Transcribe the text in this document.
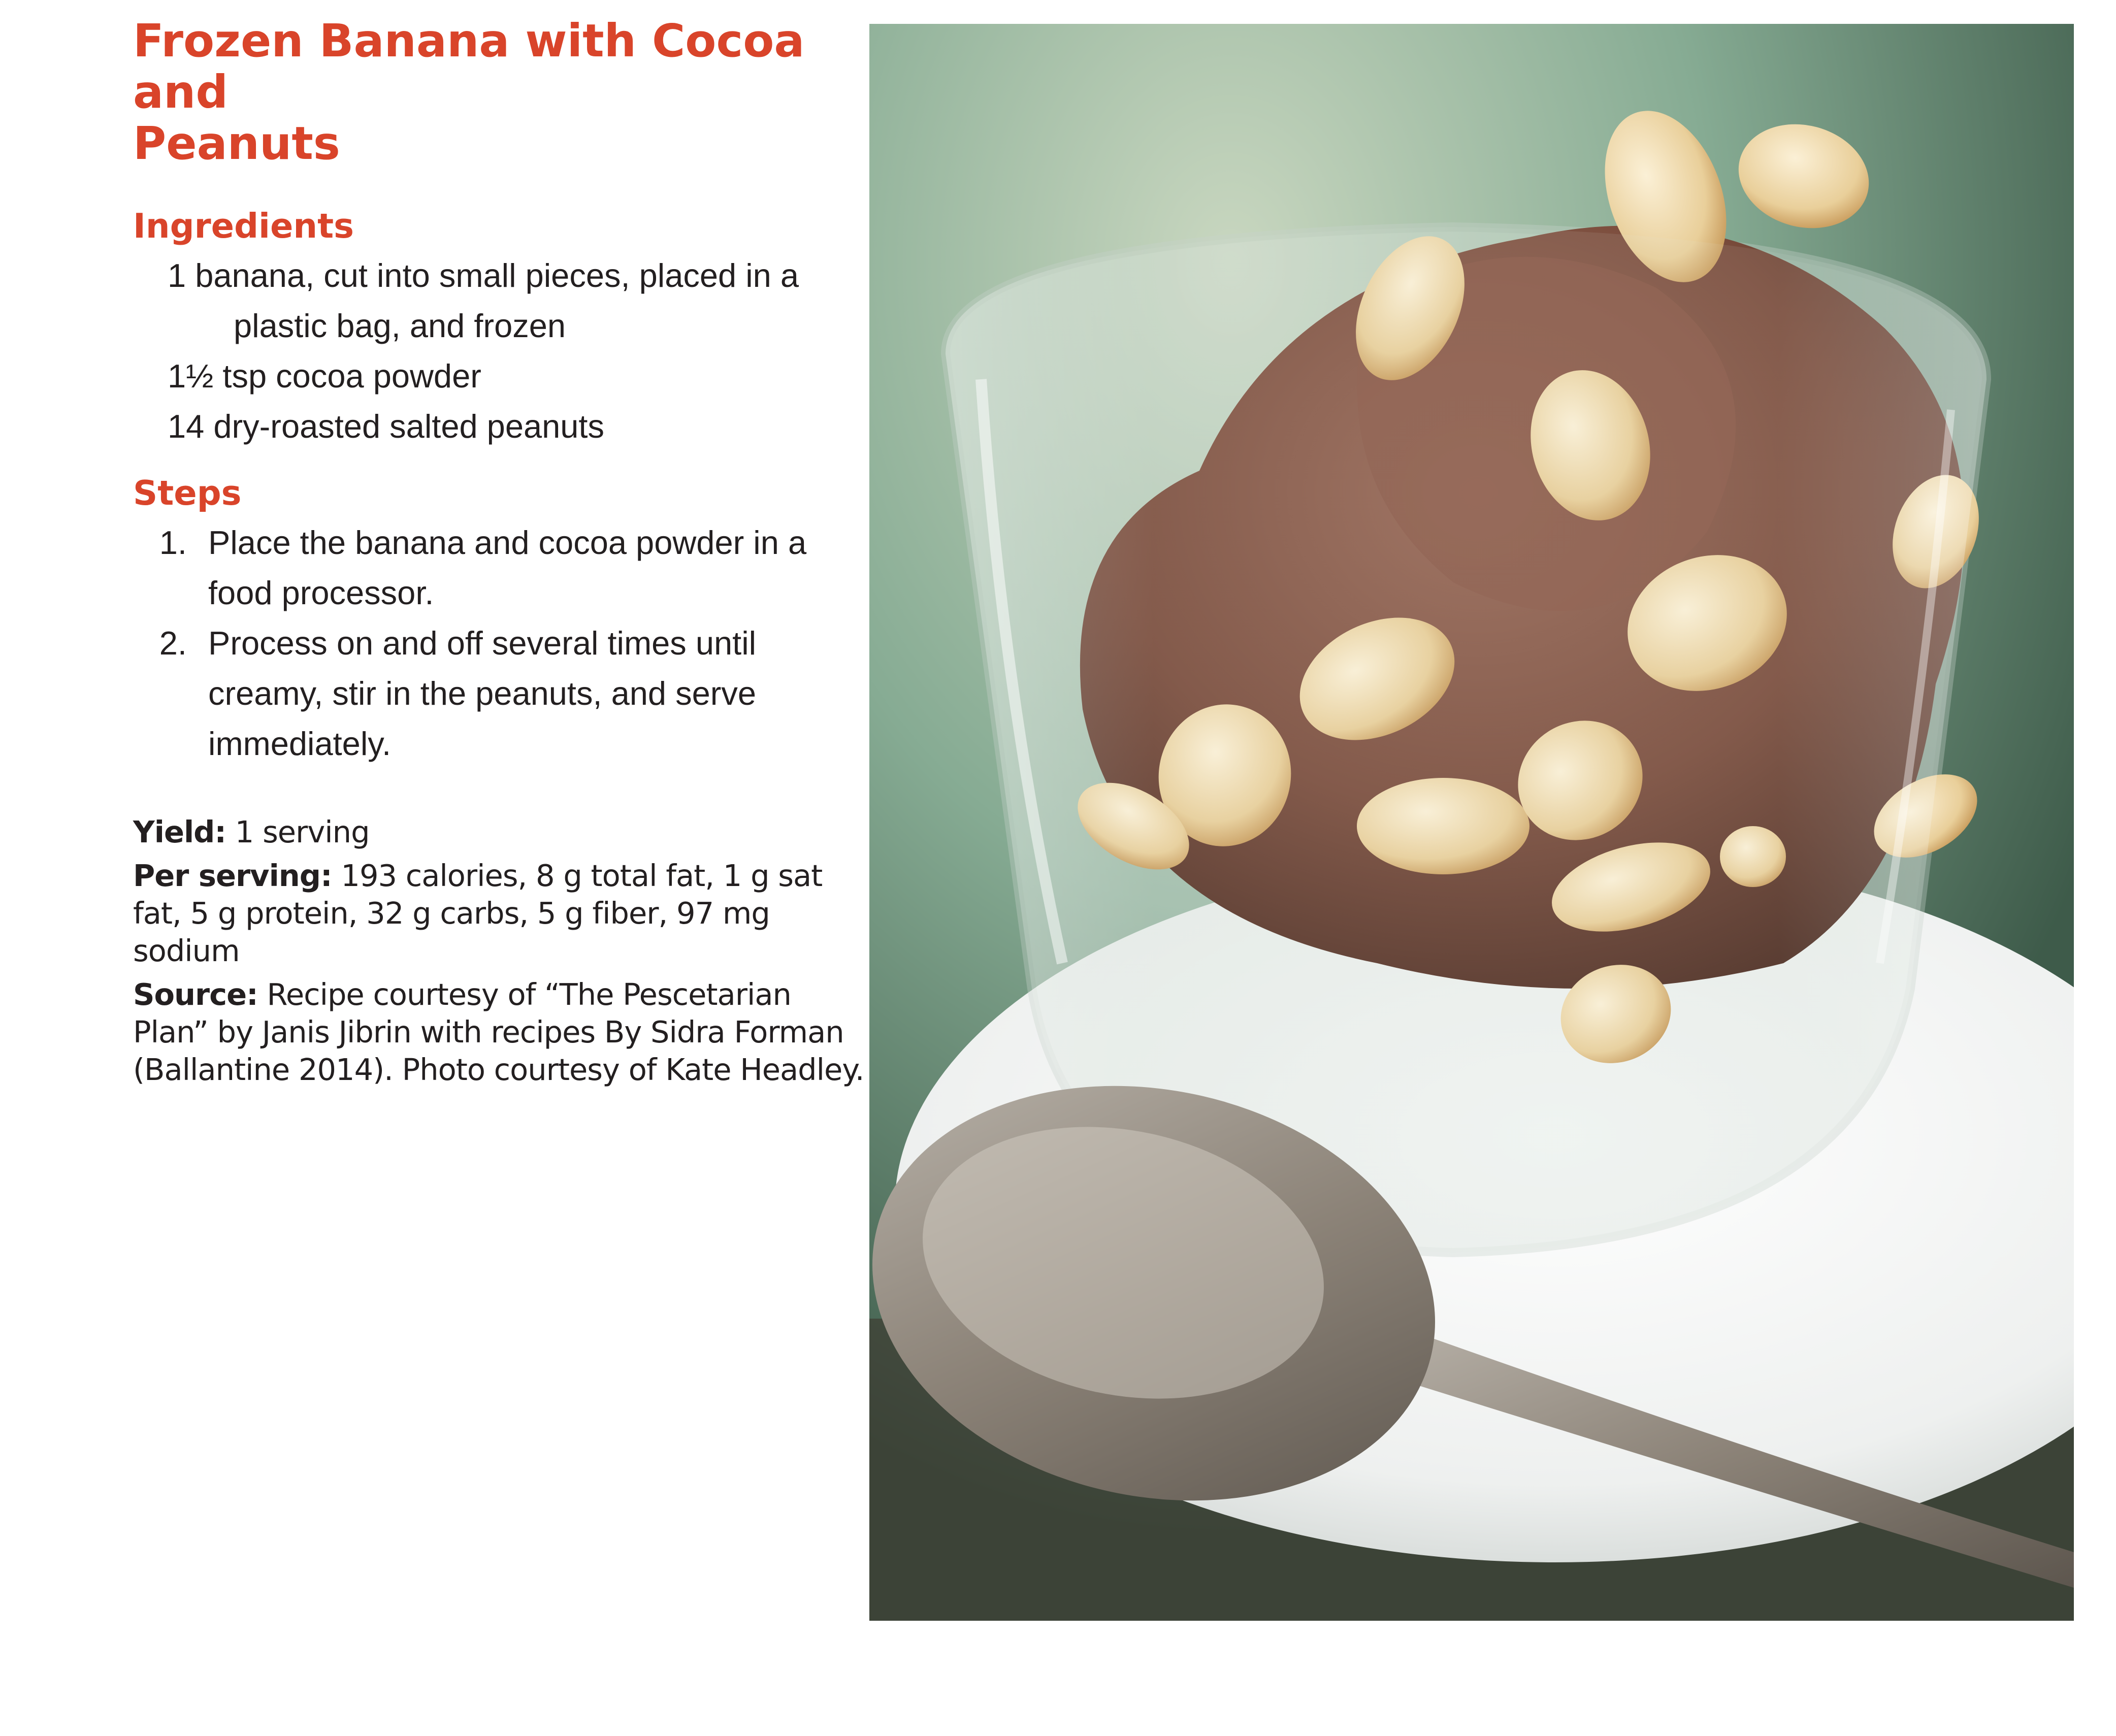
Frozen Banana with Cocoa and
Peanuts
Ingredients
1 banana, cut into small pieces, placed in a plastic bag, and frozen
1½ tsp cocoa powder
14 dry-roasted salted peanuts
Steps
1. Place the banana and cocoa powder in a food processor.
2. Process on and off several times until creamy, stir in the peanuts, and serve immediately.

Yield: 1 serving

Per serving: 193 calories, 8 g total fat, 1 g sat fat, 5 g protein, 32 g carbs, 5 g fiber, 97 mg sodium

Source: Recipe courtesy of “The Pescetarian Plan” by Janis Jibrin with recipes By Sidra Forman (Ballantine 2014). Photo courtesy of Kate Headley.
